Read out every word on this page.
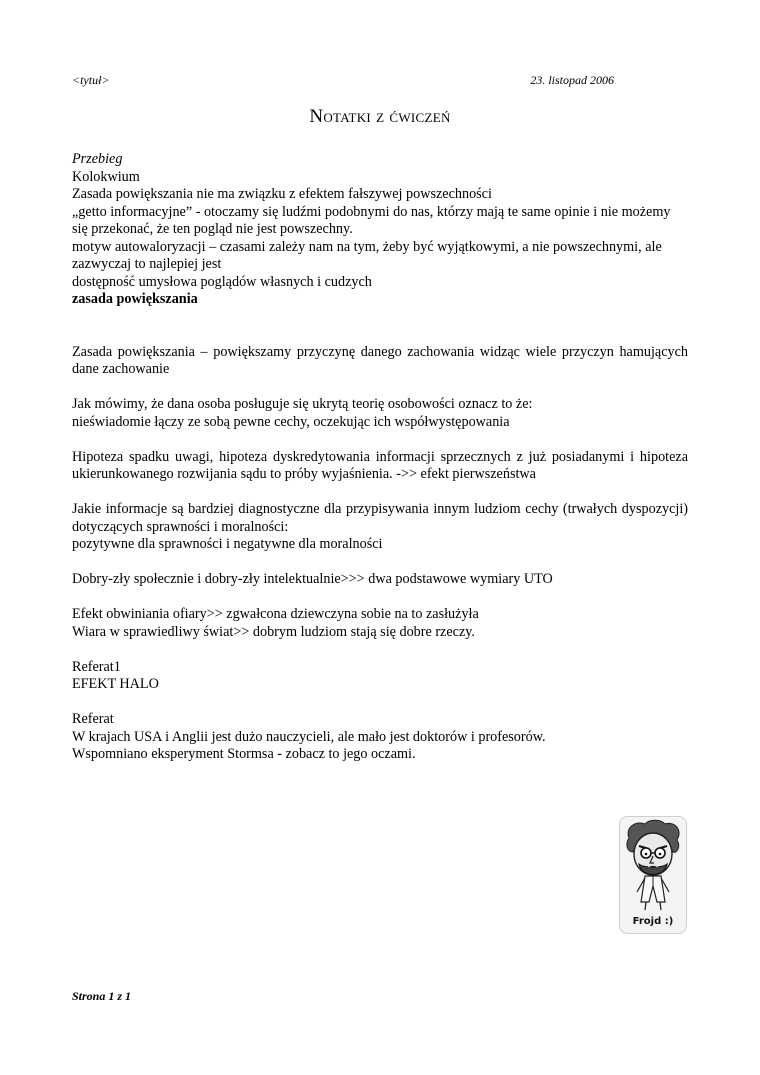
<tytuł>	23. listopad 2006
Notatki z ćwiczeń

Przebieg

Kolokwium

Zasada powiększania nie ma związku z efektem fałszywej powszechności

„getto informacyjne” - otoczamy się ludźmi podobnymi do nas, którzy mają te same opinie i nie możemy się przekonać, że ten pogląd nie jest powszechny.

motyw autowaloryzacji – czasami zależy nam na tym, żeby być wyjątkowymi, a nie powszechnymi, ale zazwyczaj to najlepiej jest

dostępność umysłowa poglądów własnych i cudzych

zasada powiększania

Zasada powiększania – powiększamy przyczynę danego zachowania widząc wiele przyczyn hamujących dane zachowanie

Jak mówimy, że dana osoba posługuje się ukrytą teorię osobowości oznacz to że:

nieświadomie łączy ze sobą pewne cechy, oczekując ich współwystępowania

Hipoteza spadku uwagi, hipoteza dyskredytowania informacji sprzecznych z już posiadanymi i hipoteza ukierunkowanego rozwijania sądu to próby wyjaśnienia. ->> efekt pierwszeństwa

Jakie informacje są bardziej diagnostyczne dla przypisywania innym ludziom cechy (trwałych dyspozycji) dotyczących sprawności i moralności:

pozytywne dla sprawności i negatywne dla moralności

Dobry-zły społecznie i dobry-zły intelektualnie>>> dwa podstawowe wymiary UTO

Efekt obwiniania ofiary>> zgwałcona dziewczyna sobie na to zasłużyła

Wiara w sprawiedliwy świat>> dobrym ludziom stają się dobre rzeczy.

Referat1

EFEKT HALO

Referat

W krajach USA i Anglii jest dużo nauczycieli, ale mało jest doktorów i profesorów.

Wspomniano eksperyment Stormsa - zobacz to jego oczami.

Frojd :)
Strona 1 z 1
